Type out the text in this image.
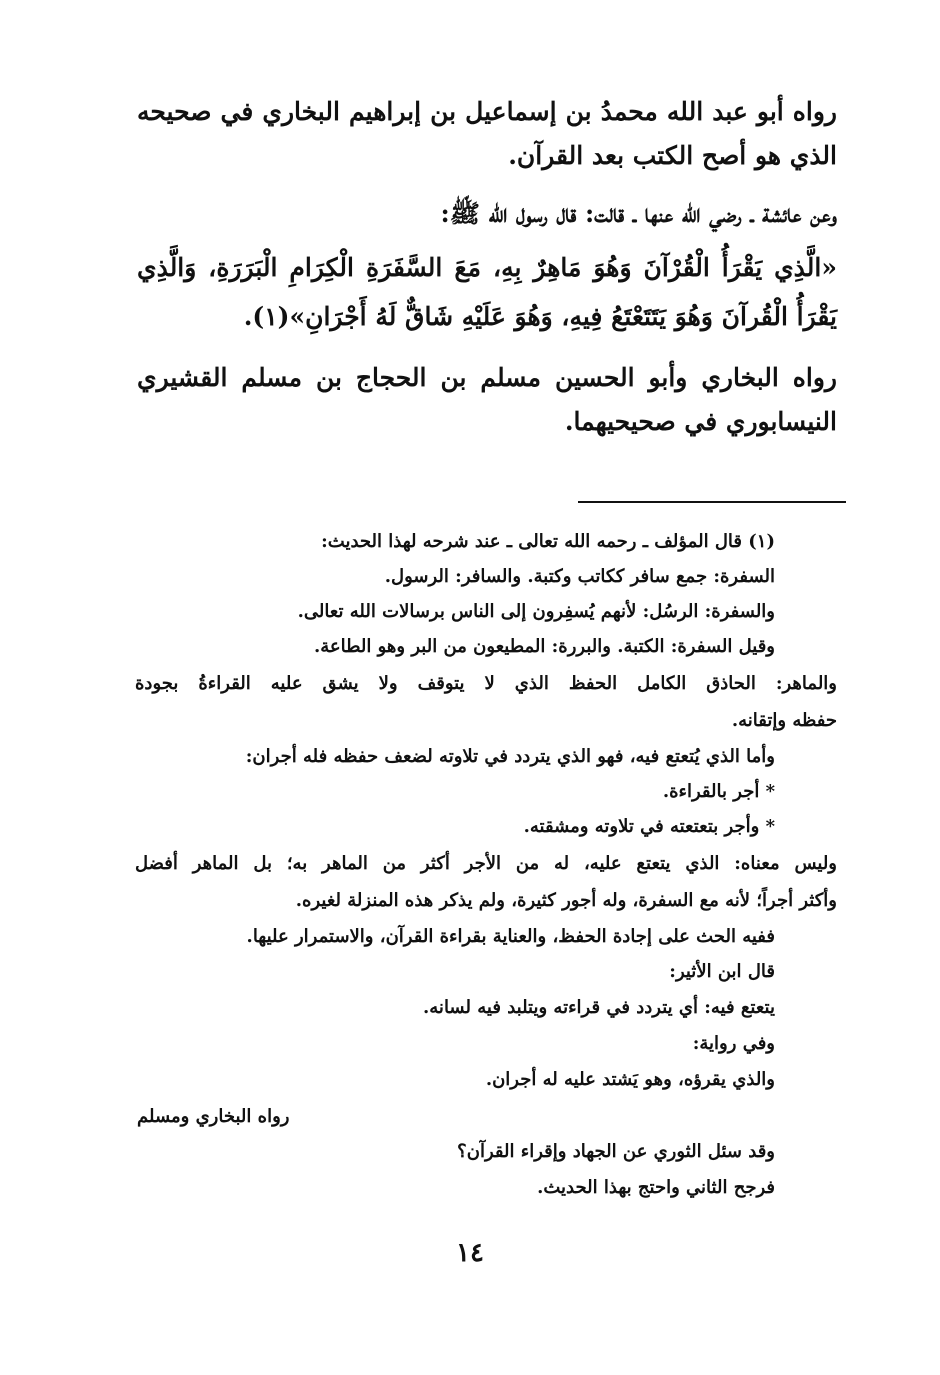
رواه أبو عبد الله محمدُ بن إسماعيل بن إبراهيم البخاري في صحيحه
الذي هو أصح الكتب بعد القرآن.
وعن عائشة ـ رضي الله عنها ـ قالت: قال رسول الله ﷺ:
«الَّذِي يَقْرَأُ الْقُرْآنَ وَهُوَ مَاهِرٌ بِهِ، مَعَ السَّفَرَةِ الْكِرَامِ الْبَرَرَةِ، وَالَّذِي
يَقْرَأُ الْقُرآنَ وَهُوَ يَتَتَعْتَعُ فِيهِ، وَهُوَ عَلَيْهِ شَاقٌّ لَهُ أَجْرَانِ»(١).
رواه البخاري وأبو الحسين مسلم بن الحجاج بن مسلم القشيري
النيسابوري في صحيحيهما.
(١) قال المؤلف ـ رحمه الله تعالى ـ عند شرحه لهذا الحديث:
السفرة: جمع سافر ككاتب وكتبة. والسافر: الرسول.
والسفرة: الرسُل: لأنهم يُسفِرون إلى الناس برسالات الله تعالى.
وقيل السفرة: الكتبة. والبررة: المطيعون من البر وهو الطاعة.
والماهر: الحاذق الكامل الحفظ الذي لا يتوقف ولا يشق عليه القراءةُ بجودة
حفظه وإتقانه.
وأما الذي يُتعتع فيه، فهو الذي يتردد في تلاوته لضعف حفظه فله أجران:
* أجر بالقراءة.
* وأجر بتعتعته في تلاوته ومشقته.
وليس معناه: الذي يتعتع عليه، له من الأجر أكثر من الماهر به؛ بل الماهر أفضل
وأكثر أجراً؛ لأنه مع السفرة، وله أجور كثيرة، ولم يذكر هذه المنزلة لغيره.
ففيه الحث على إجادة الحفظ، والعناية بقراءة القرآن، والاستمرار عليها.
قال ابن الأثير:
يتعتع فيه: أي يتردد في قراءته ويتلبد فيه لسانه.
وفي رواية:
والذي يقرؤه، وهو يَشتد عليه له أجران.
رواه البخاري ومسلم
وقد سئل الثوري عن الجهاد وإقراء القرآن؟
فرجح الثاني واحتج بهذا الحديث.
١٤
